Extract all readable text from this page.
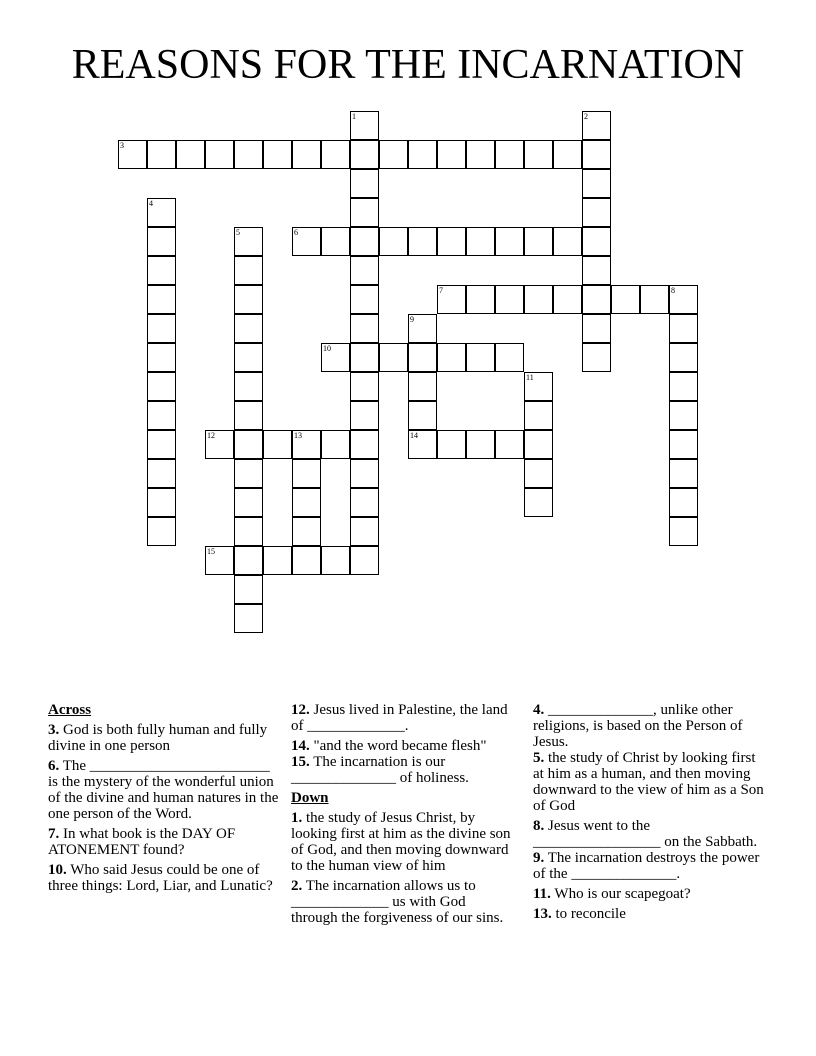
REASONS FOR THE INCARNATION
1	2
3
4
5	6
7	8
9
10
11
12	13	14
15
Across
3. God is both fully human and fully divine in one person
6. The ________________________ is the mystery of the wonderful union of the divine and human natures in the one person of the Word.
7. In what book is the DAY OF ATONEMENT found?
10. Who said Jesus could be one of three things: Lord, Liar, and Lunatic?
12. Jesus lived in Palestine, the land of _____________.
14. "and the word became flesh"
15. The incarnation is our ______________ of holiness.
Down
1. the study of Jesus Christ, by looking first at him as the divine son of God, and then moving downward to the human view of him
2. The incarnation allows us to _____________ us with God through the forgiveness of our sins.
4. ______________, unlike other religions, is based on the Person of Jesus.
5. the study of Christ by looking first at him as a human, and then moving downward to the view of him as a Son of God
8. Jesus went to the _________________ on the Sabbath.
9. The incarnation destroys the power of the ______________.
11. Who is our scapegoat?
13. to reconcile
